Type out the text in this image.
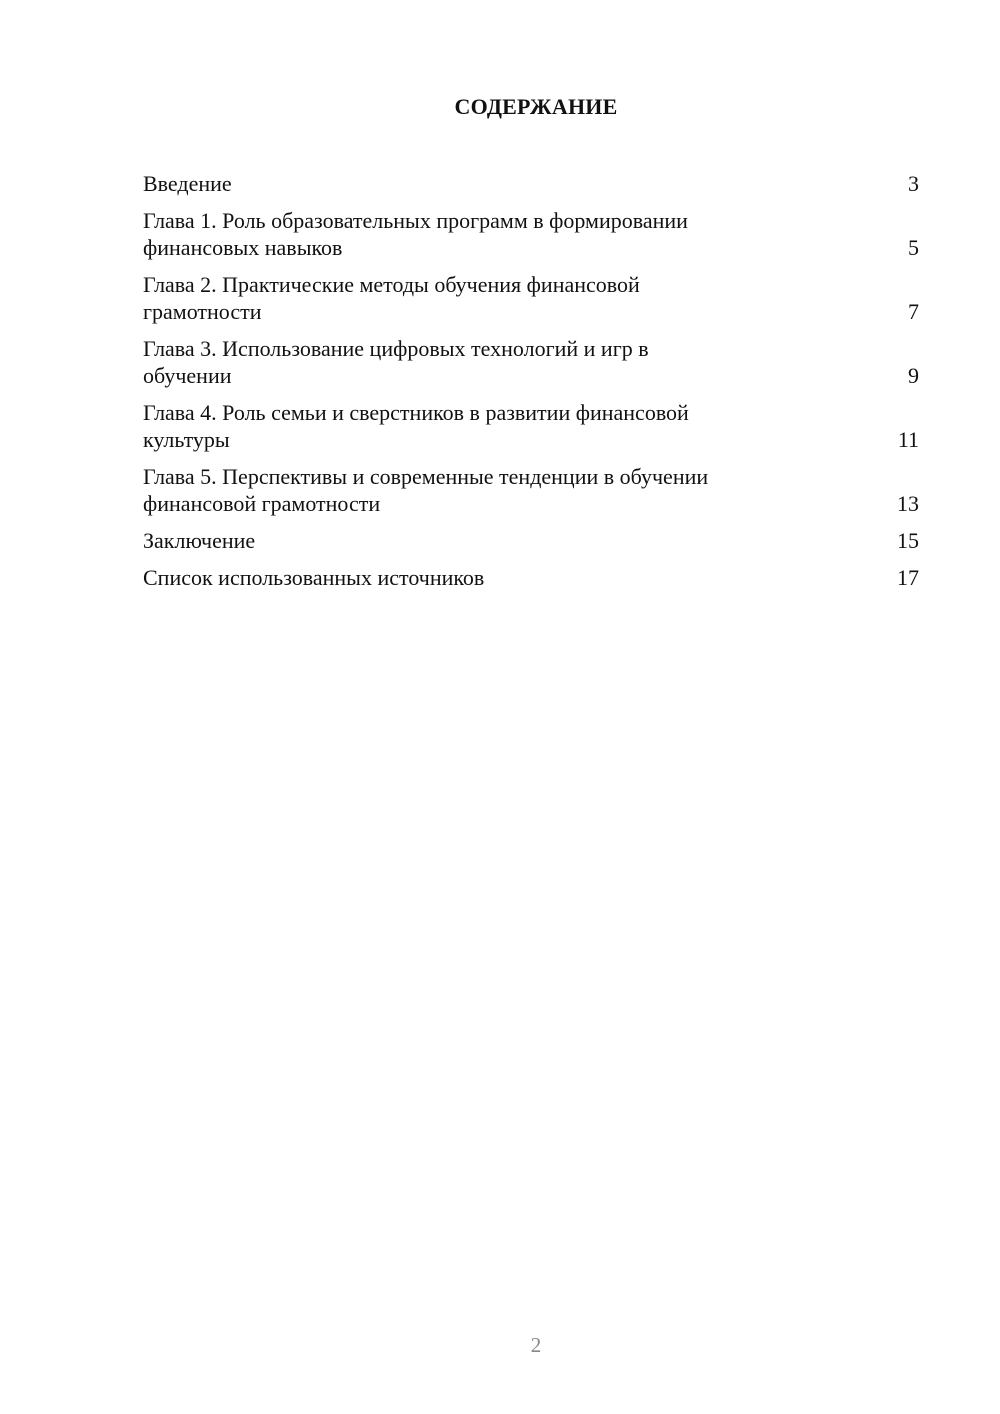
СОДЕРЖАНИЕ
Введение	3
Глава 1. Роль образовательных программ в формировании
финансовых навыков	5
Глава 2. Практические методы обучения финансовой
грамотности	7
Глава 3. Использование цифровых технологий и игр в
обучении	9
Глава 4. Роль семьи и сверстников в развитии финансовой
культуры	11
Глава 5. Перспективы и современные тенденции в обучении
финансовой грамотности	13
Заключение	15
Список использованных источников	17
2
